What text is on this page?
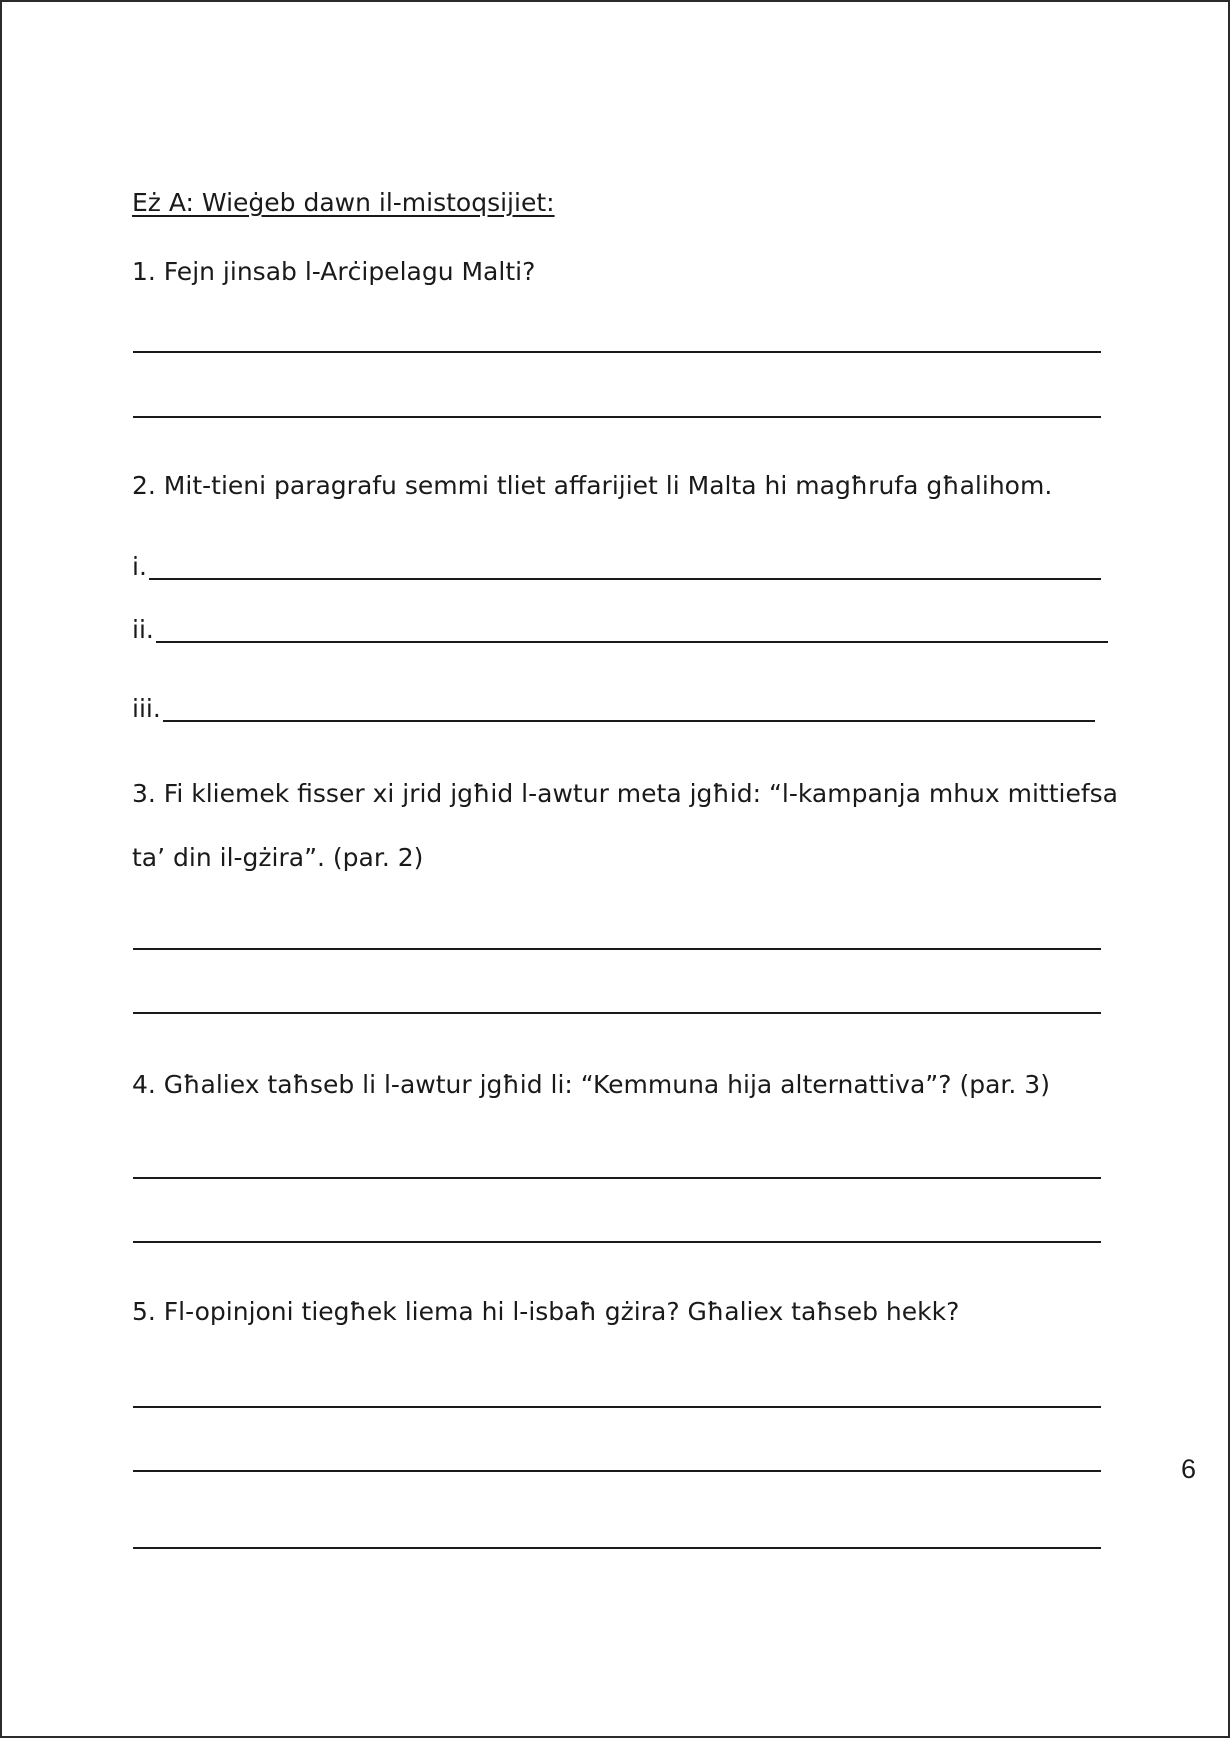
Eż A: Wieġeb dawn il-mistoqsijiet:

1. Fejn jinsab l-Arċipelagu Malti?

2. Mit-tieni paragrafu semmi tliet affarijiet li Malta hi magħrufa għalihom.

i.
ii.
iii.

3. Fi kliemek fisser xi jrid jgħid l-awtur meta jgħid: “l-kampanja mhux mittiefsa

ta’ din il-gżira”. (par. 2)

4. Għaliex taħseb li l-awtur jgħid li: “Kemmuna hija alternattiva”? (par. 3)

5. Fl-opinjoni tiegħek liema hi l-isbaħ gżira? Għaliex taħseb hekk?

6
